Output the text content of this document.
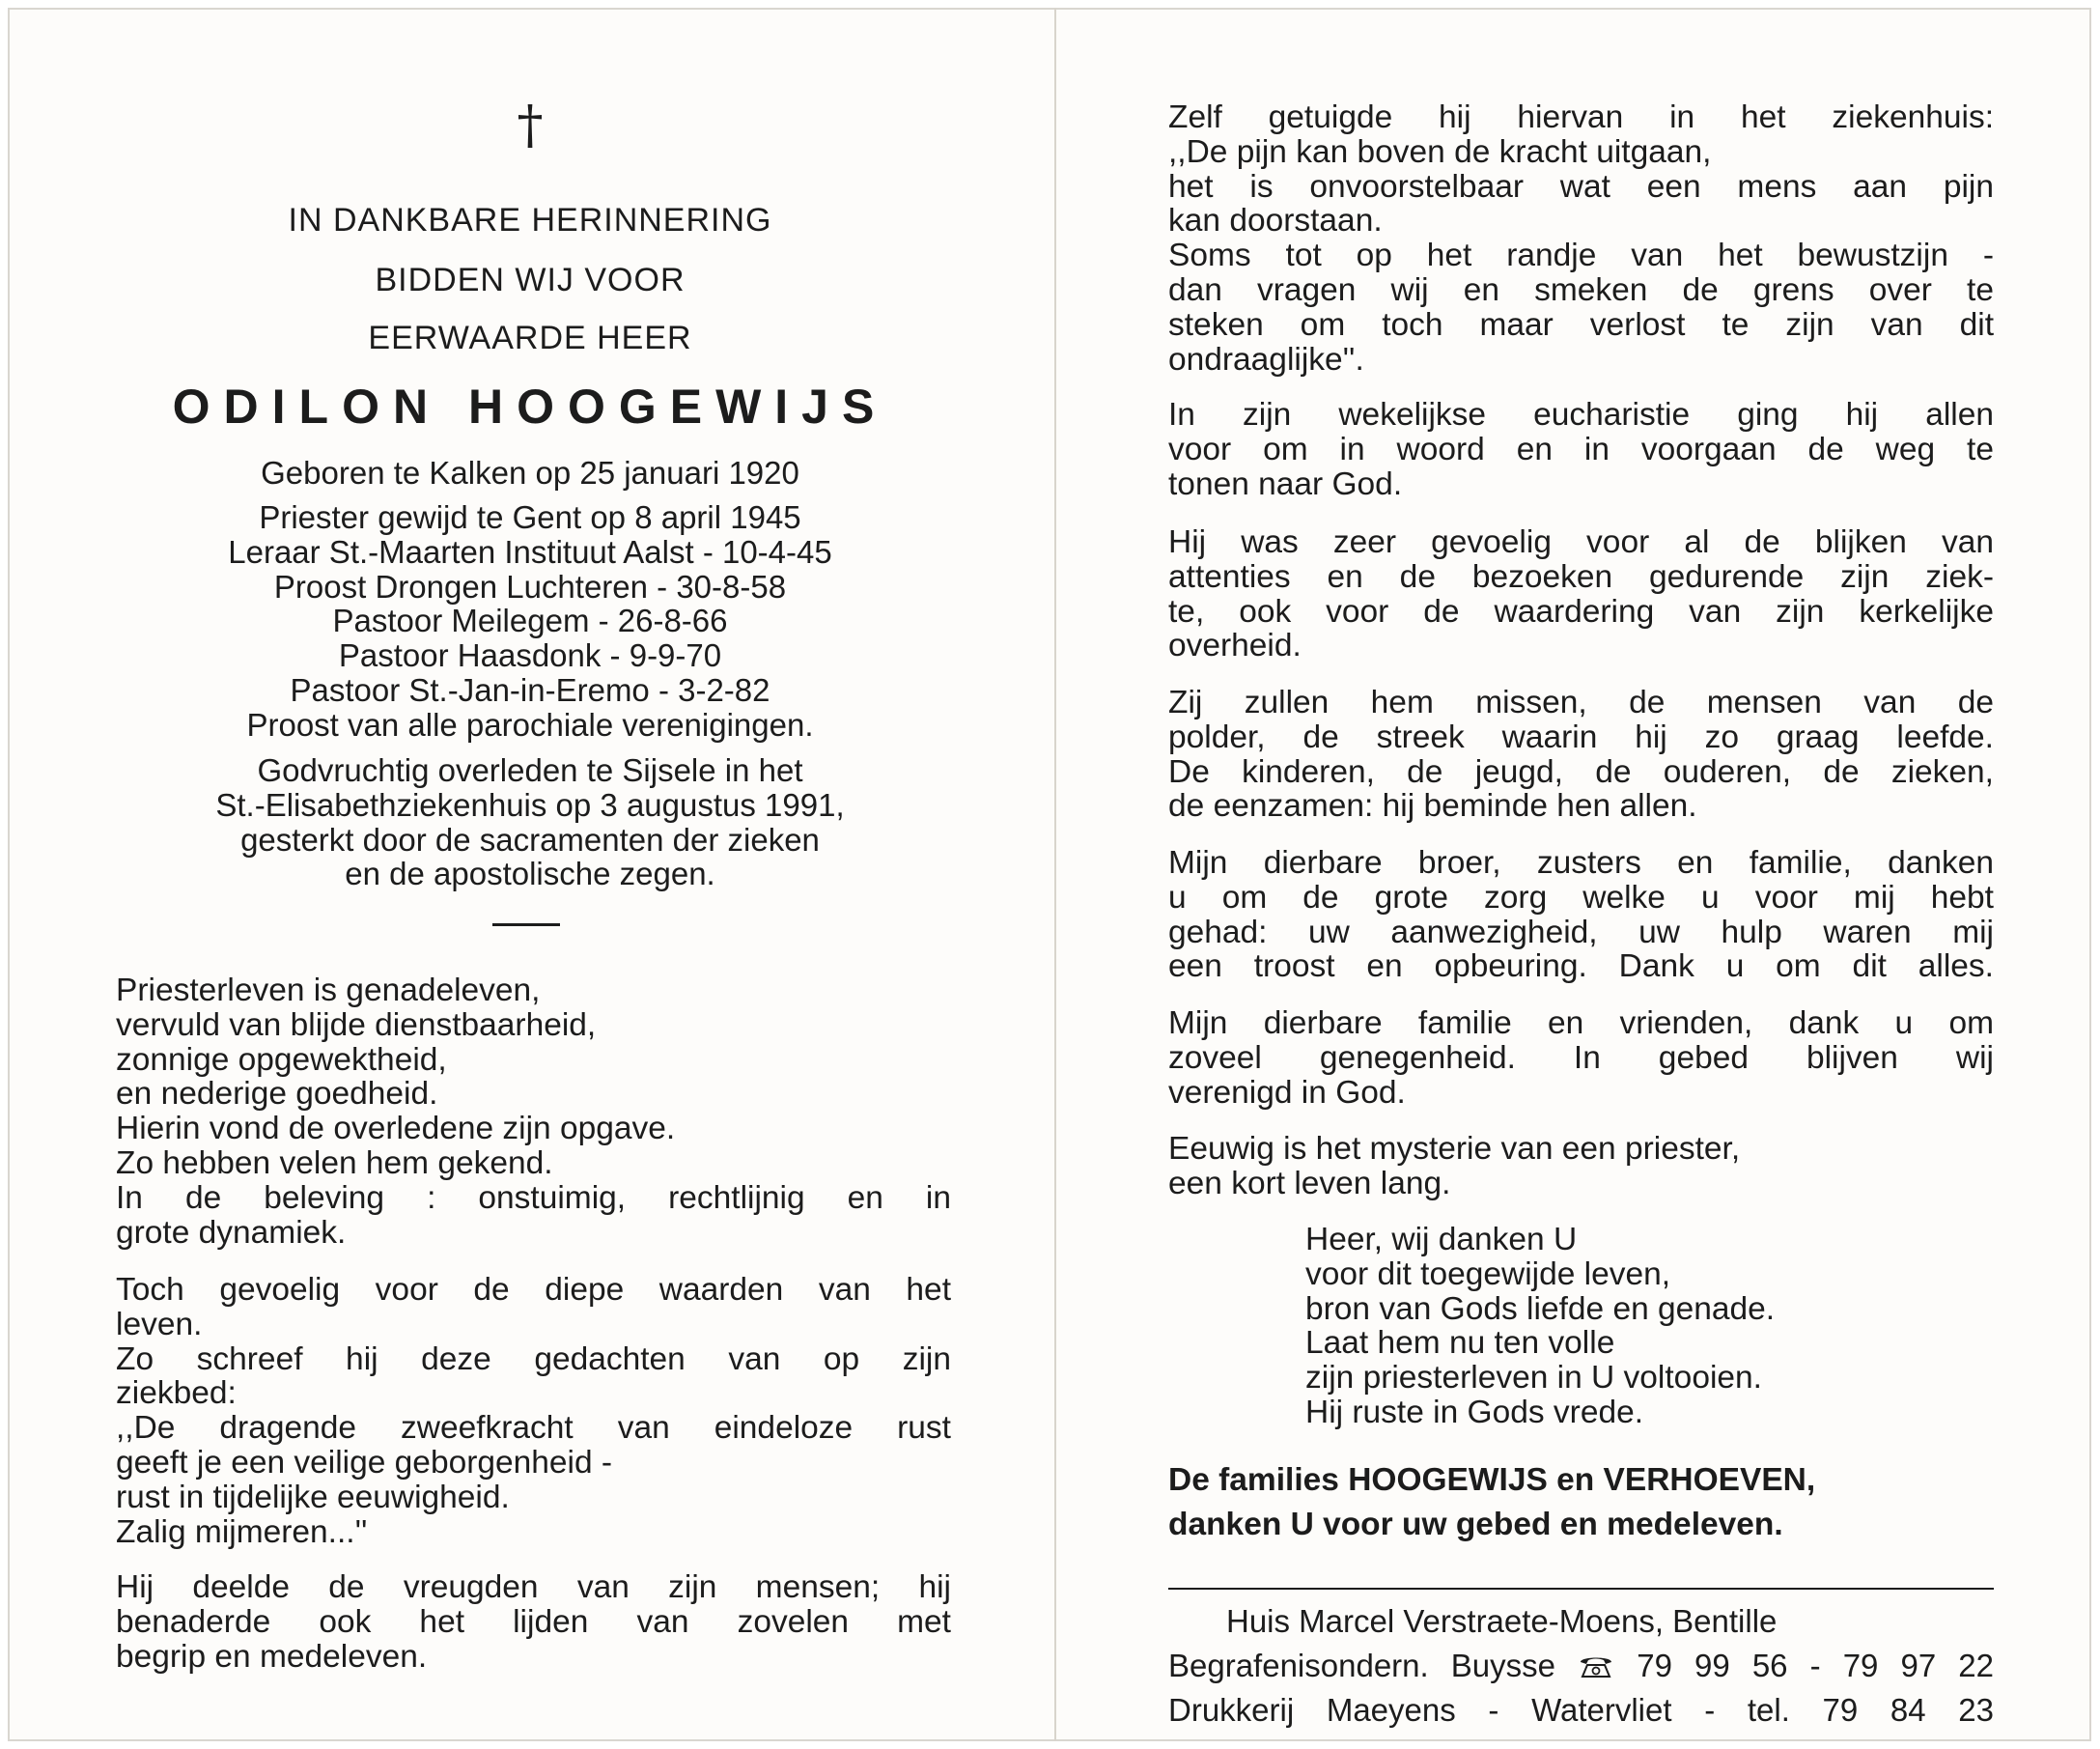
†
IN DANKBARE HERINNERING
BIDDEN WIJ VOOR
EERWAARDE HEER
ODILON HOOGEWIJS
Geboren te Kalken op 25 januari 1920
Priester gewijd te Gent op 8 april 1945
Leraar St.-Maarten Instituut Aalst - 10-4-45
Proost Drongen Luchteren - 30-8-58
Pastoor Meilegem - 26-8-66
Pastoor Haasdonk - 9-9-70
Pastoor St.-Jan-in-Eremo - 3-2-82
Proost van alle parochiale verenigingen.
Godvruchtig overleden te Sijsele in het
St.-Elisabethziekenhuis op 3 augustus 1991,
gesterkt door de sacramenten der zieken
en de apostolische zegen.
Priesterleven is genadeleven,
vervuld van blijde dienstbaarheid,
zonnige opgewektheid,
en nederige goedheid.
Hierin vond de overledene zijn opgave.
Zo hebben velen hem gekend.
In de beleving : onstuimig, rechtlijnig en in
grote dynamiek.
Toch gevoelig voor de diepe waarden van het
leven.
Zo schreef hij deze gedachten van op zijn
ziekbed:
,,De dragende zweefkracht van eindeloze rust
geeft je een veilige geborgenheid -
rust in tijdelijke eeuwigheid.
Zalig mijmeren...''
Hij deelde de vreugden van zijn mensen; hij
benaderde ook het lijden van zovelen met
begrip en medeleven.
Zelf getuigde hij hiervan in het ziekenhuis:
,,De pijn kan boven de kracht uitgaan,
het is onvoorstelbaar wat een mens aan pijn
kan doorstaan.
Soms tot op het randje van het bewustzijn -
dan vragen wij en smeken de grens over te
steken om toch maar verlost te zijn van dit
ondraaglijke''.
In zijn wekelijkse eucharistie ging hij allen
voor om in woord en in voorgaan de weg te
tonen naar God.
Hij was zeer gevoelig voor al de blijken van
attenties en de bezoeken gedurende zijn ziek-
te, ook voor de waardering van zijn kerkelijke
overheid.
Zij zullen hem missen, de mensen van de
polder, de streek waarin hij zo graag leefde.
De kinderen, de jeugd, de ouderen, de zieken,
de eenzamen: hij beminde hen allen.
Mijn dierbare broer, zusters en familie, danken
u om de grote zorg welke u voor mij hebt
gehad: uw aanwezigheid, uw hulp waren mij
een troost en opbeuring. Dank u om dit alles.
Mijn dierbare familie en vrienden, dank u om
zoveel genegenheid. In gebed blijven wij
verenigd in God.
Eeuwig is het mysterie van een priester,
een kort leven lang.
Heer, wij danken U
voor dit toegewijde leven,
bron van Gods liefde en genade.
Laat hem nu ten volle
zijn priesterleven in U voltooien.
Hij ruste in Gods vrede.
De families HOOGEWIJS en VERHOEVEN,
danken U voor uw gebed en medeleven.
Huis Marcel Verstraete-Moens, Bentille
Begrafenisondern. Buysse	79 99 56 - 79 97 22
Drukkerij Maeyens - Watervliet - tel. 79 84 23
